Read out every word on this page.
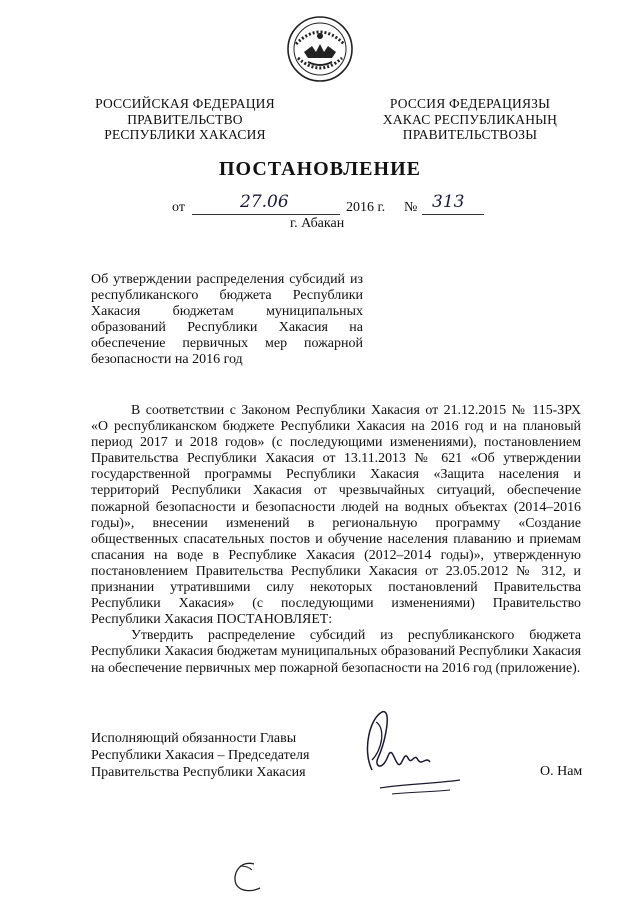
РОССИЙСКАЯ ФЕДЕРАЦИЯ
ПРАВИТЕЛЬСТВО
РЕСПУБЛИКИ ХАКАСИЯ
РОССИЯ ФЕДЕРАЦИЯЗЫ
ХАКАС РЕСПУБЛИКАНЫҢ
ПРАВИТЕЛЬСТВОЗЫ
ПОСТАНОВЛЕНИЕ
от	27.06	2016 г. № 313
г. Абакан

Об утверждении распределения субсидий из республиканского бюджета Республики Хакасия бюджетам муниципальных образований Республики Хакасия на обеспечение первичных мер пожарной безопасности на 2016 год

В соответствии с Законом Республики Хакасия от 21.12.2015 № 115-ЗРХ «О республиканском бюджете Республики Хакасия на 2016 год и на плановый период 2017 и 2018 годов» (с последующими изменениями), постановлением Правительства Республики Хакасия от 13.11.2013 № 621 «Об утверждении государственной программы Республики Хакасия «Защита населения и территорий Республики Хакасия от чрезвычайных ситуаций, обеспечение пожарной безопасности и безопасности людей на водных объектах (2014–2016 годы)», внесении изменений в региональную программу «Создание общественных спасательных постов и обучение населения плаванию и приемам спасания на воде в Республике Хакасия (2012–2014 годы)», утвержденную постановлением Правительства Республики Хакасия от 23.05.2012 № 312, и признании утратившими силу некоторых постановлений Правительства Республики Хакасия» (с последующими изменениями) Правительство Республики Хакасия ПОСТАНОВЛЯЕТ:

Утвердить распределение субсидий из республиканского бюджета Республики Хакасия бюджетам муниципальных образований Республики Хакасия на обеспечение первичных мер пожарной безопасности на 2016 год (приложение).

Исполняющий обязанности Главы
Республики Хакасия – Председателя
Правительства Республики Хакасия	О. Нам
